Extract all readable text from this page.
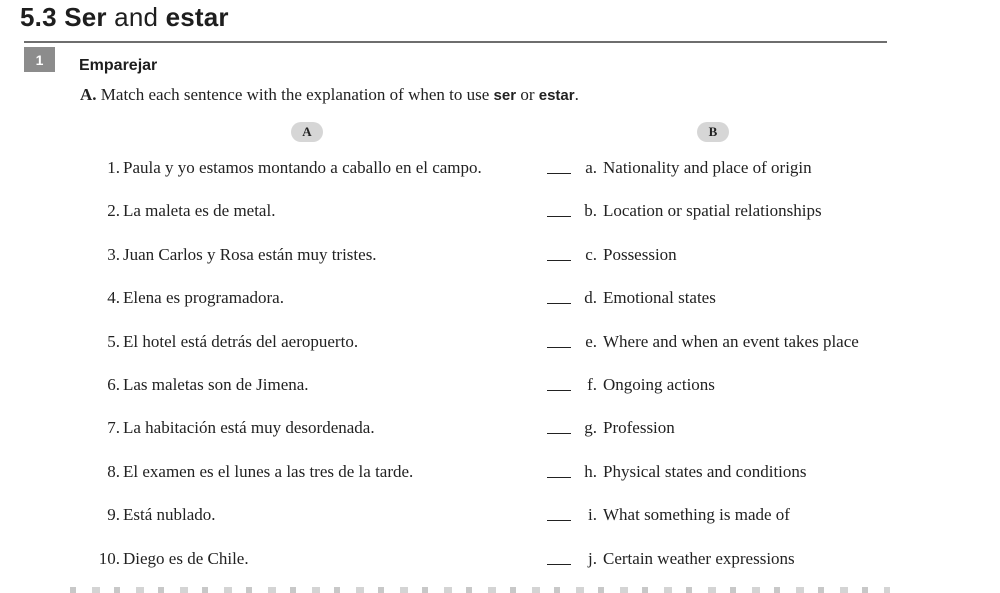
5.3 Ser and estar
1	Emparejar

A. Match each sentence with the explanation of when to use ser or estar.

A	B
1. Paula y yo estamos montando a caballo en el campo.	a. Nationality and place of origin
2. La maleta es de metal.	b. Location or spatial relationships
3. Juan Carlos y Rosa están muy tristes.	c. Possession
4. Elena es programadora.	d. Emotional states
5. El hotel está detrás del aeropuerto.	e. Where and when an event takes place
6. Las maletas son de Jimena.	f. Ongoing actions
7. La habitación está muy desordenada.	g. Profession
8. El examen es el lunes a las tres de la tarde.	h. Physical states and conditions
9. Está nublado.	i. What something is made of
10. Diego es de Chile.	j. Certain weather expressions
